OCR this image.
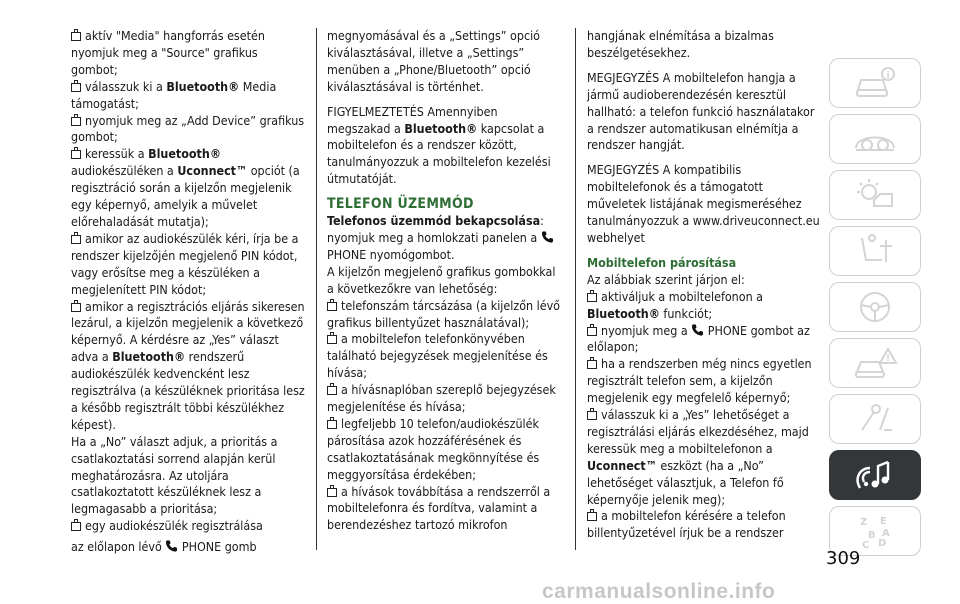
aktív "Media" hangforrás esetén nyomjuk meg a "Source" grafikus gombot;

válasszuk ki a Bluetooth® Media támogatást;

nyomjuk meg az „Add Device” grafikus gombot;

keressük a Bluetooth® audiokészüléken a Uconnect™ opciót (a regisztráció során a kijelzőn megjelenik egy képernyő, amelyik a művelet előrehaladását mutatja);

amikor az audiokészülék kéri, írja be a rendszer kijelzőjén megjelenő PIN kódot, vagy erősítse meg a készüléken a megjelenített PIN kódot;

amikor a regisztrációs eljárás sikeresen lezárul, a kijelzőn megjelenik a következő képernyő. A kérdésre az „Yes” választ adva a Bluetooth® rendszerű audiokészülék kedvencként lesz regisztrálva (a készüléknek prioritása lesz a később regisztrált többi készülékhez képest).

Ha a „No” választ adjuk, a prioritás a csatlakoztatási sorrend alapján kerül meghatározásra. Az utoljára csatlakoztatott készüléknek lesz a legmagasabb a prioritása;

egy audiokészülék regisztrálása

az előlapon lévő PHONE gomb

megnyomásával és a „Settings” opció kiválasztásával, illetve a „Settings” menüben a „Phone/Bluetooth” opció kiválasztásával is történhet.

FIGYELMEZTETÉS Amennyiben megszakad a Bluetooth® kapcsolat a mobiltelefon és a rendszer között, tanulmányozzuk a mobiltelefon kezelési útmutatóját.

TELEFON ÜZEMMÓD

Telefonos üzemmód bekapcsolása:

nyomjuk meg a homlokzati panelen a  PHONE nyomógombot.

A kijelzőn megjelenő grafikus gombokkal a következőkre van lehetőség:

telefonszám tárcsázása (a kijelzőn lévő grafikus billentyűzet használatával);

a mobiltelefon telefonkönyvében található bejegyzések megjelenítése és hívása;

a hívásnaplóban szereplő bejegyzések megjelenítése és hívása;

legfeljebb 10 telefon/audiokészülék párosítása azok hozzáférésének és csatlakoztatásának megkönnyítése és meggyorsítása érdekében;

a hívások továbbítása a rendszerről a mobiltelefonra és fordítva, valamint a berendezéshez tartozó mikrofon

hangjának elnémítása a bizalmas beszélgetésekhez.

MEGJEGYZÉS A mobiltelefon hangja a jármű audioberendezésén keresztül hallható: a telefon funkció használatakor a rendszer automatikusan elnémítja a rendszer hangját.

MEGJEGYZÉS A kompatibilis mobiltelefonok és a támogatott műveletek listájának megismeréséhez tanulmányozzuk a www.driveuconnect.eu webhelyet

Mobiltelefon párosítása

Az alábbiak szerint járjon el:

aktiváljuk a mobiltelefonon a Bluetooth® funkciót;

nyomjuk meg a PHONE gombot az előlapon;

ha a rendszerben még nincs egyetlen regisztrált telefon sem, a kijelzőn megjelenik egy megfelelő képernyő;

válasszuk ki a „Yes” lehetőséget a regisztrálási eljárás elkezdéséhez, majd keressük meg a mobiltelefonon a Uconnect™ eszközt (ha a „No” lehetőséget választjuk, a Telefon fő képernyője jelenik meg);

a mobiltelefon kérésére a telefon billentyűzetével írjuk be a rendszer

i
!
Z E
B A
C D
309
carmanualsonline.info
